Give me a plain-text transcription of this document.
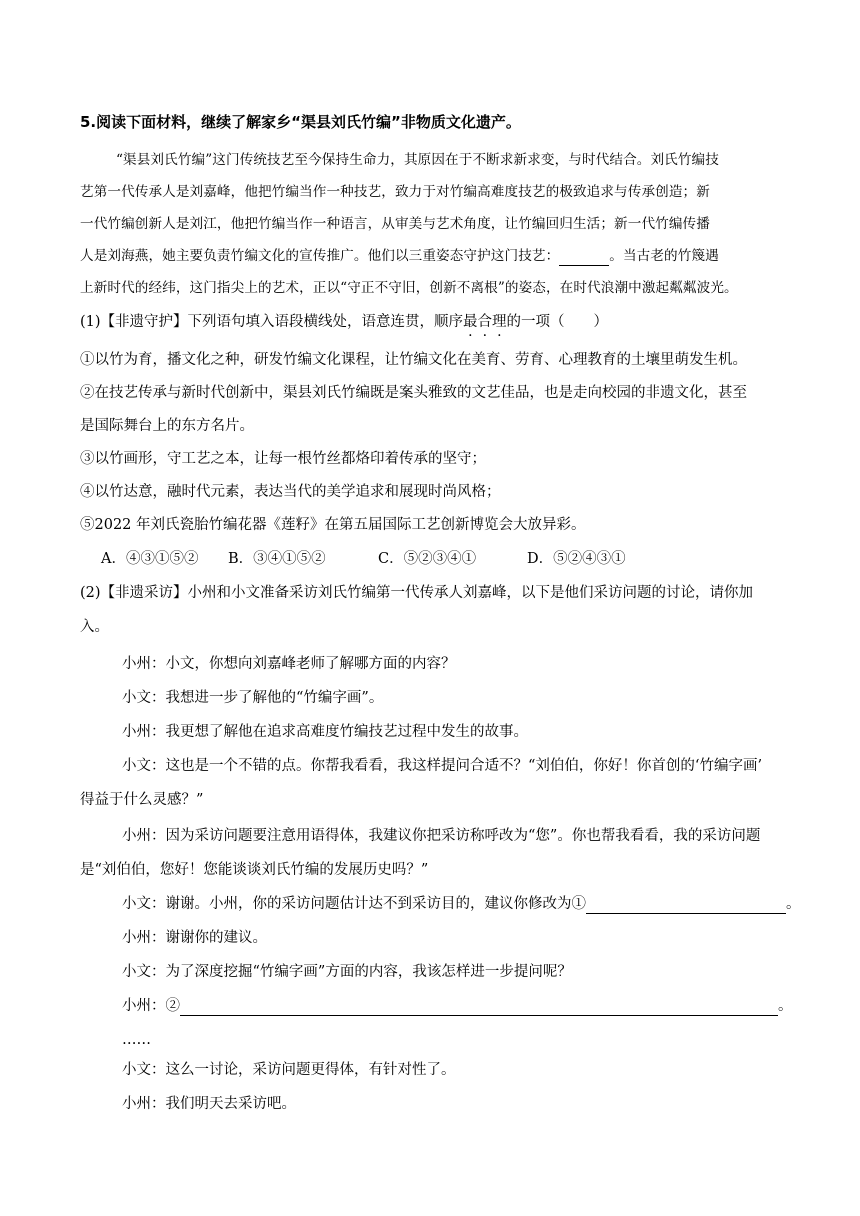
5.阅读下面材料，继续了解家乡“渠县刘氏竹编”非物质文化遗产。
“渠县刘氏竹编”这门传统技艺至今保持生命力，其原因在于不断求新求变，与时代结合。刘氏竹编技
艺第一代传承人是刘嘉峰，他把竹编当作一种技艺，致力于对竹编高难度技艺的极致追求与传承创造；新
一代竹编创新人是刘江，他把竹编当作一种语言，从审美与艺术角度，让竹编回归生活；新一代竹编传播
人是刘海燕，她主要负责竹编文化的宣传推广。他们以三重姿态守护这门技艺：	。当古老的竹篾遇
上新时代的经纬，这门指尖上的艺术，正以“守正不守旧，创新不离根”的姿态，在时代浪潮中激起粼粼波光。
(1)【非遗守护】下列语句填入语段横线处，语意连贯，顺序最合理的一项（　　）
①以竹为育，播文化之种，研发竹编文化课程，让竹编文化在美育、劳育、心理教育的土壤里萌发生机。
②在技艺传承与新时代创新中，渠县刘氏竹编既是案头雅致的文艺佳品，也是走向校园的非遗文化，甚至
是国际舞台上的东方名片。
③以竹画形，守工艺之本，让每一根竹丝都烙印着传承的坚守；
④以竹达意，融时代元素，表达当代的美学追求和展现时尚风格；
⑤2022 年刘氏瓷胎竹编花器《莲籽》在第五届国际工艺创新博览会大放异彩。
A．④③①⑤② B．③④①⑤②	C．⑤②③④①	D．⑤②④③①
(2)【非遗采访】小州和小文准备采访刘氏竹编第一代传承人刘嘉峰，以下是他们采访问题的讨论，请你加
入。
小州：小文，你想向刘嘉峰老师了解哪方面的内容？
小文：我想进一步了解他的“竹编字画”。
小州：我更想了解他在追求高难度竹编技艺过程中发生的故事。
小文：这也是一个不错的点。你帮我看看，我这样提问合适不？“刘伯伯，你好！你首创的‘竹编字画’
得益于什么灵感？”
小州：因为采访问题要注意用语得体，我建议你把采访称呼改为“您”。你也帮我看看，我的采访问题
是“刘伯伯，您好！您能谈谈刘氏竹编的发展历史吗？”
小文：谢谢。小州，你的采访问题估计达不到采访目的，建议你修改为①	。
小州：谢谢你的建议。
小文：为了深度挖掘“竹编字画”方面的内容，我该怎样进一步提问呢？
小州：②	。
……
小文：这么一讨论，采访问题更得体，有针对性了。
小州：我们明天去采访吧。
